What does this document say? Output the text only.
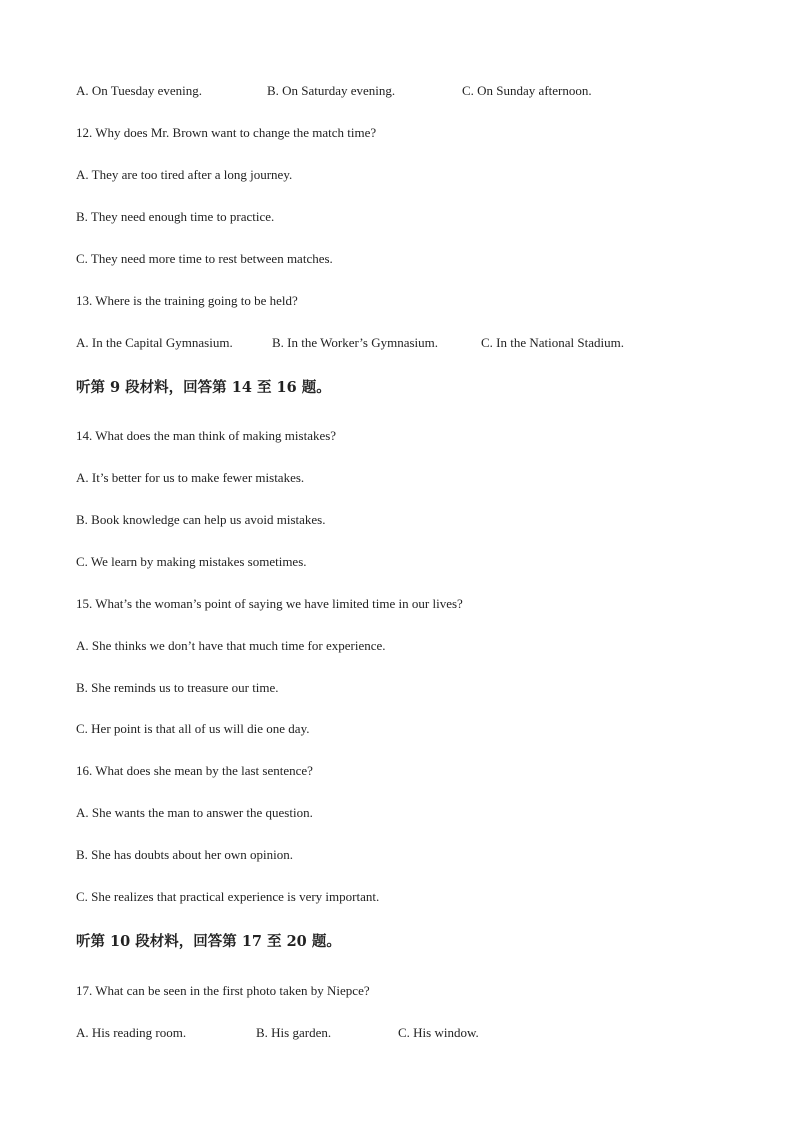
A. On Tuesday evening.	B. On Saturday evening.	C. On Sunday afternoon.
12. Why does Mr. Brown want to change the match time?
A. They are too tired after a long journey.
B. They need enough time to practice.
C. They need more time to rest between matches.
13. Where is the training going to be held?
A. In the Capital Gymnasium.	B. In the Worker’s Gymnasium.	C. In the National Stadium.
听第 9 段材料，回答第 14 至 16 题。
14. What does the man think of making mistakes?
A. It’s better for us to make fewer mistakes.
B. Book knowledge can help us avoid mistakes.
C. We learn by making mistakes sometimes.
15. What’s the woman’s point of saying we have limited time in our lives?
A. She thinks we don’t have that much time for experience.
B. She reminds us to treasure our time.
C. Her point is that all of us will die one day.
16. What does she mean by the last sentence?
A. She wants the man to answer the question.
B. She has doubts about her own opinion.
C. She realizes that practical experience is very important.
听第 10 段材料，回答第 17 至 20 题。
17. What can be seen in the first photo taken by Niepce?
A. His reading room.	B. His garden.	C. His window.
